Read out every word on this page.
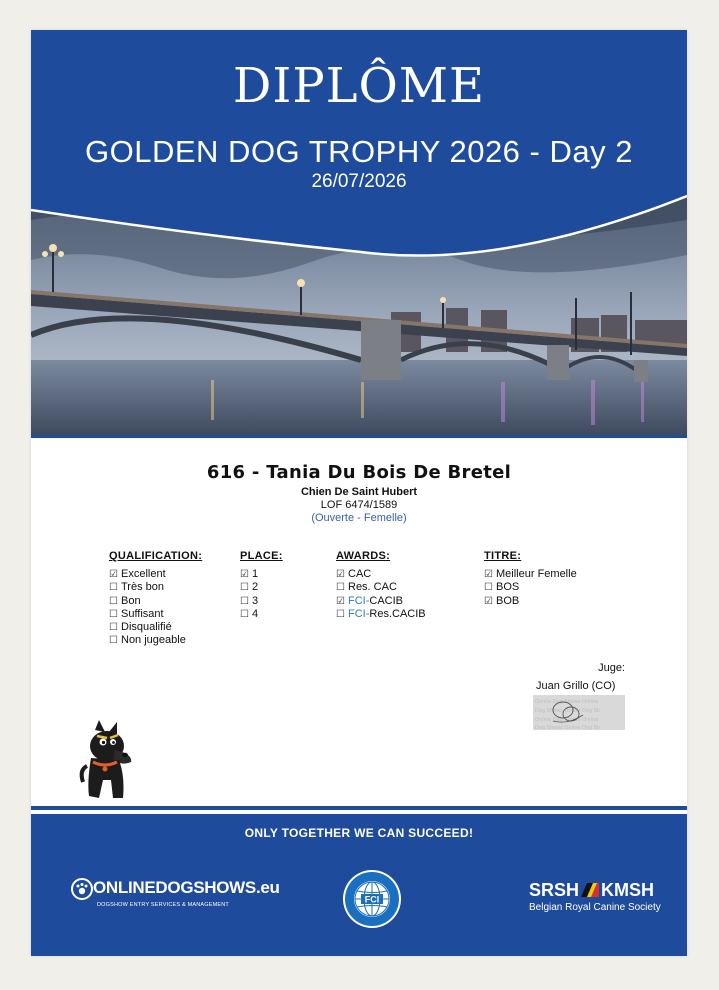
DIPLÔME
GOLDEN DOG TROPHY 2026 - Day 2
26/07/2026
616 - Tania Du Bois De Bretel
Chien De Saint Hubert
LOF 6474/1589
(Ouverte - Femelle)
QUALIFICATION:
☑ Excellent
☐ Très bon
☐ Bon
☐ Suffisant
☐ Disqualifié
☐ Non jugeable
PLACE:
☑ 1
☐ 2
☐ 3
☐ 4
AWARDS:
☑ CAC
☐ Res. CAC
☑ FCI-CACIB
☐ FCI-Res.CACIB
TITRE:
☑ Meilleur Femelle
☐ BOS
☑ BOB
Juge:
Juan Grillo (CO)
Online Dog Shows Online
Dog Shows Online Dog Sh
Online Dog Shows Online
Dog Shows Online Dog Sh
ONLY TOGETHER WE CAN SUCCEED!
ONLINEDOGSHOWS.eu
DOGSHOW ENTRY SERVICES & MANAGEMENT
FCI	SRSH KMSH
Belgian Royal Canine Society
